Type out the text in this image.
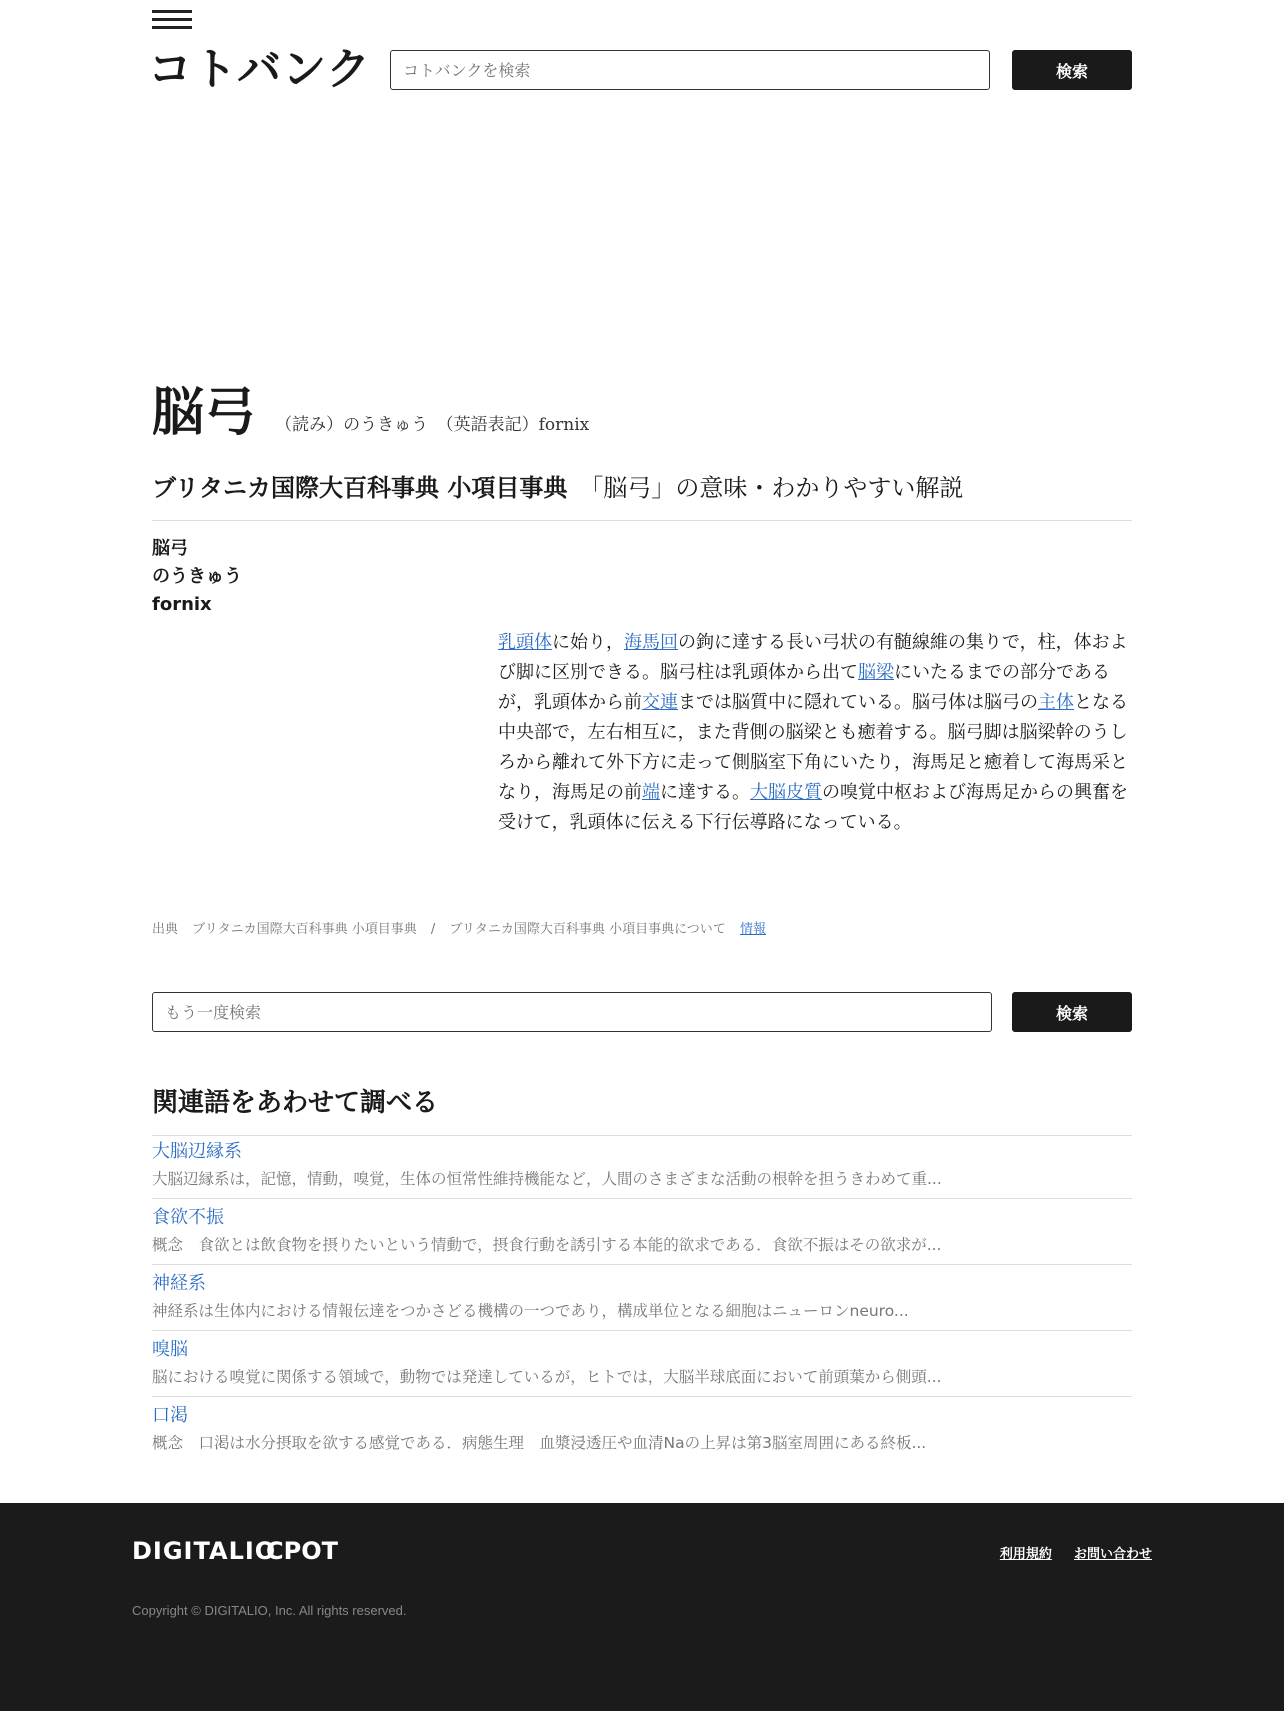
コトバンク
コトバンクを検索	検索
脳弓 （読み）のうきゅう　（英語表記）fornix
ブリタニカ国際大百科事典 小項目事典 「脳弓」の意味・わかりやすい解説
脳弓
のうきゅう
fornix
乳頭体に始り，海馬回の鉤に達する長い弓状の有髄線維の集りで，柱，体および脚に区別できる。脳弓柱は乳頭体から出て脳梁にいたるまでの部分であるが，乳頭体から前交連までは脳質中に隠れている。脳弓体は脳弓の主体となる中央部で，左右相互に，また背側の脳梁とも癒着する。脳弓脚は脳梁幹のうしろから離れて外下方に走って側脳室下角にいたり，海馬足と癒着して海馬采となり，海馬足の前端に達する。大脳皮質の嗅覚中枢および海馬足からの興奮を受けて，乳頭体に伝える下行伝導路になっている。
出典 ブリタニカ国際大百科事典 小項目事典 / ブリタニカ国際大百科事典 小項目事典について 情報
もう一度検索
検索
関連語をあわせて調べる
大脳辺縁系
大脳辺縁系は，記憶，情動，嗅覚，生体の恒常性維持機能など，人間のさまざまな活動の根幹を担うきわめて重...
食欲不振
概念　食欲とは飲食物を摂りたいという情動で，摂食行動を誘引する本能的欲求である．食欲不振はその欲求が...
神経系
神経系は生体内における情報伝達をつかさどる機構の一つであり，構成単位となる細胞はニューロンneuro...
嗅脳
脳における嗅覚に関係する領域で，動物では発達しているが，ヒトでは，大脳半球底面において前頭葉から側頭...
口渇
概念　口渇は水分摂取を欲する感覚である．病態生理　血漿浸透圧や血清Naの上昇は第3脳室周囲にある終板...
DIGITALIO
CPOT	利用規約 お問い合わせ
Copyright © DIGITALIO, Inc. All rights reserved.
